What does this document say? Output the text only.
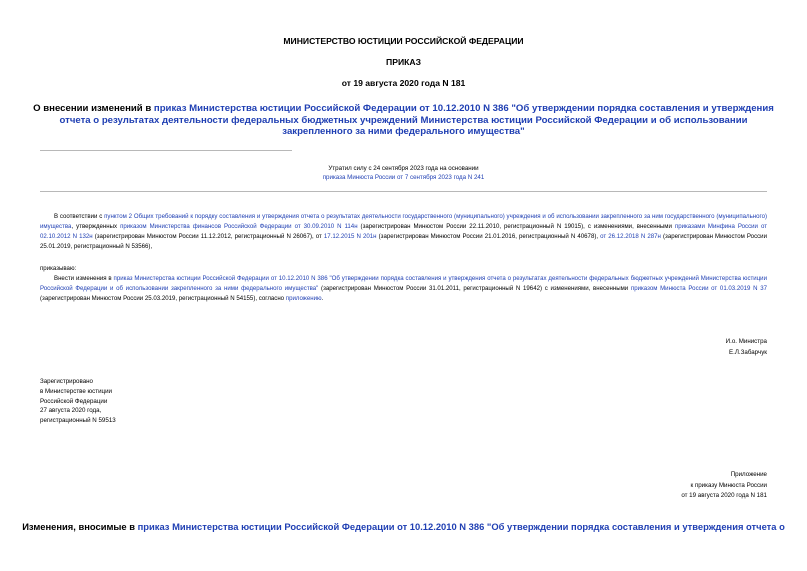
МИНИСТЕРСТВО ЮСТИЦИИ РОССИЙСКОЙ ФЕДЕРАЦИИ
ПРИКАЗ
от 19 августа 2020 года N 181
О внесении изменений в приказ Министерства юстиции Российской Федерации от 10.12.2010 N 386 "Об утверждении порядка составления и утверждения отчета о результатах деятельности федеральных бюджетных учреждений Министерства юстиции Российской Федерации и об использовании закрепленного за ними федерального имущества"
Утратил силу с 24 сентября 2023 года на основании
приказа Минюста России от 7 сентября 2023 года N 241
В соответствии с пунктом 2 Общих требований к порядку составления и утверждения отчета о результатах деятельности государственного (муниципального) учреждения и об использовании закрепленного за ним государственного (муниципального) имущества, утвержденных приказом Министерства финансов Российской Федерации от 30.09.2010 N 114н (зарегистрирован Минюстом России 22.11.2010, регистрационный N 19015), с изменениями, внесенными приказами Минфина России от 02.10.2012 N 132н (зарегистрирован Минюстом России 11.12.2012, регистрационный N 26067), от 17.12.2015 N 201н (зарегистрирован Минюстом России 21.01.2016, регистрационный N 40678), от 26.12.2018 N 287н (зарегистрирован Минюстом России 25.01.2019, регистрационный N 53566),
приказываю:
Внести изменения в приказ Министерства юстиции Российской Федерации от 10.12.2010 N 386 "Об утверждении порядка составления и утверждения отчета о результатах деятельности федеральных бюджетных учреждений Министерства юстиции Российской Федерации и об использовании закрепленного за ними федерального имущества" (зарегистрирован Минюстом России 31.01.2011, регистрационный N 19642) с изменениями, внесенными приказом Минюста России от 01.03.2019 N 37 (зарегистрирован Минюстом России 25.03.2019, регистрационный N 54155), согласно приложению.
И.о. Министра
Е.Л.Забарчук
Зарегистрировано
в Министерстве юстиции
Российской Федерации
27 августа 2020 года,
регистрационный N 59513
Приложение
к приказу Минюста России
от 19 августа 2020 года N 181
Изменения, вносимые в приказ Министерства юстиции Российской Федерации от 10.12.2010 N 386 "Об утверждении порядка составления и утверждения отчета о
